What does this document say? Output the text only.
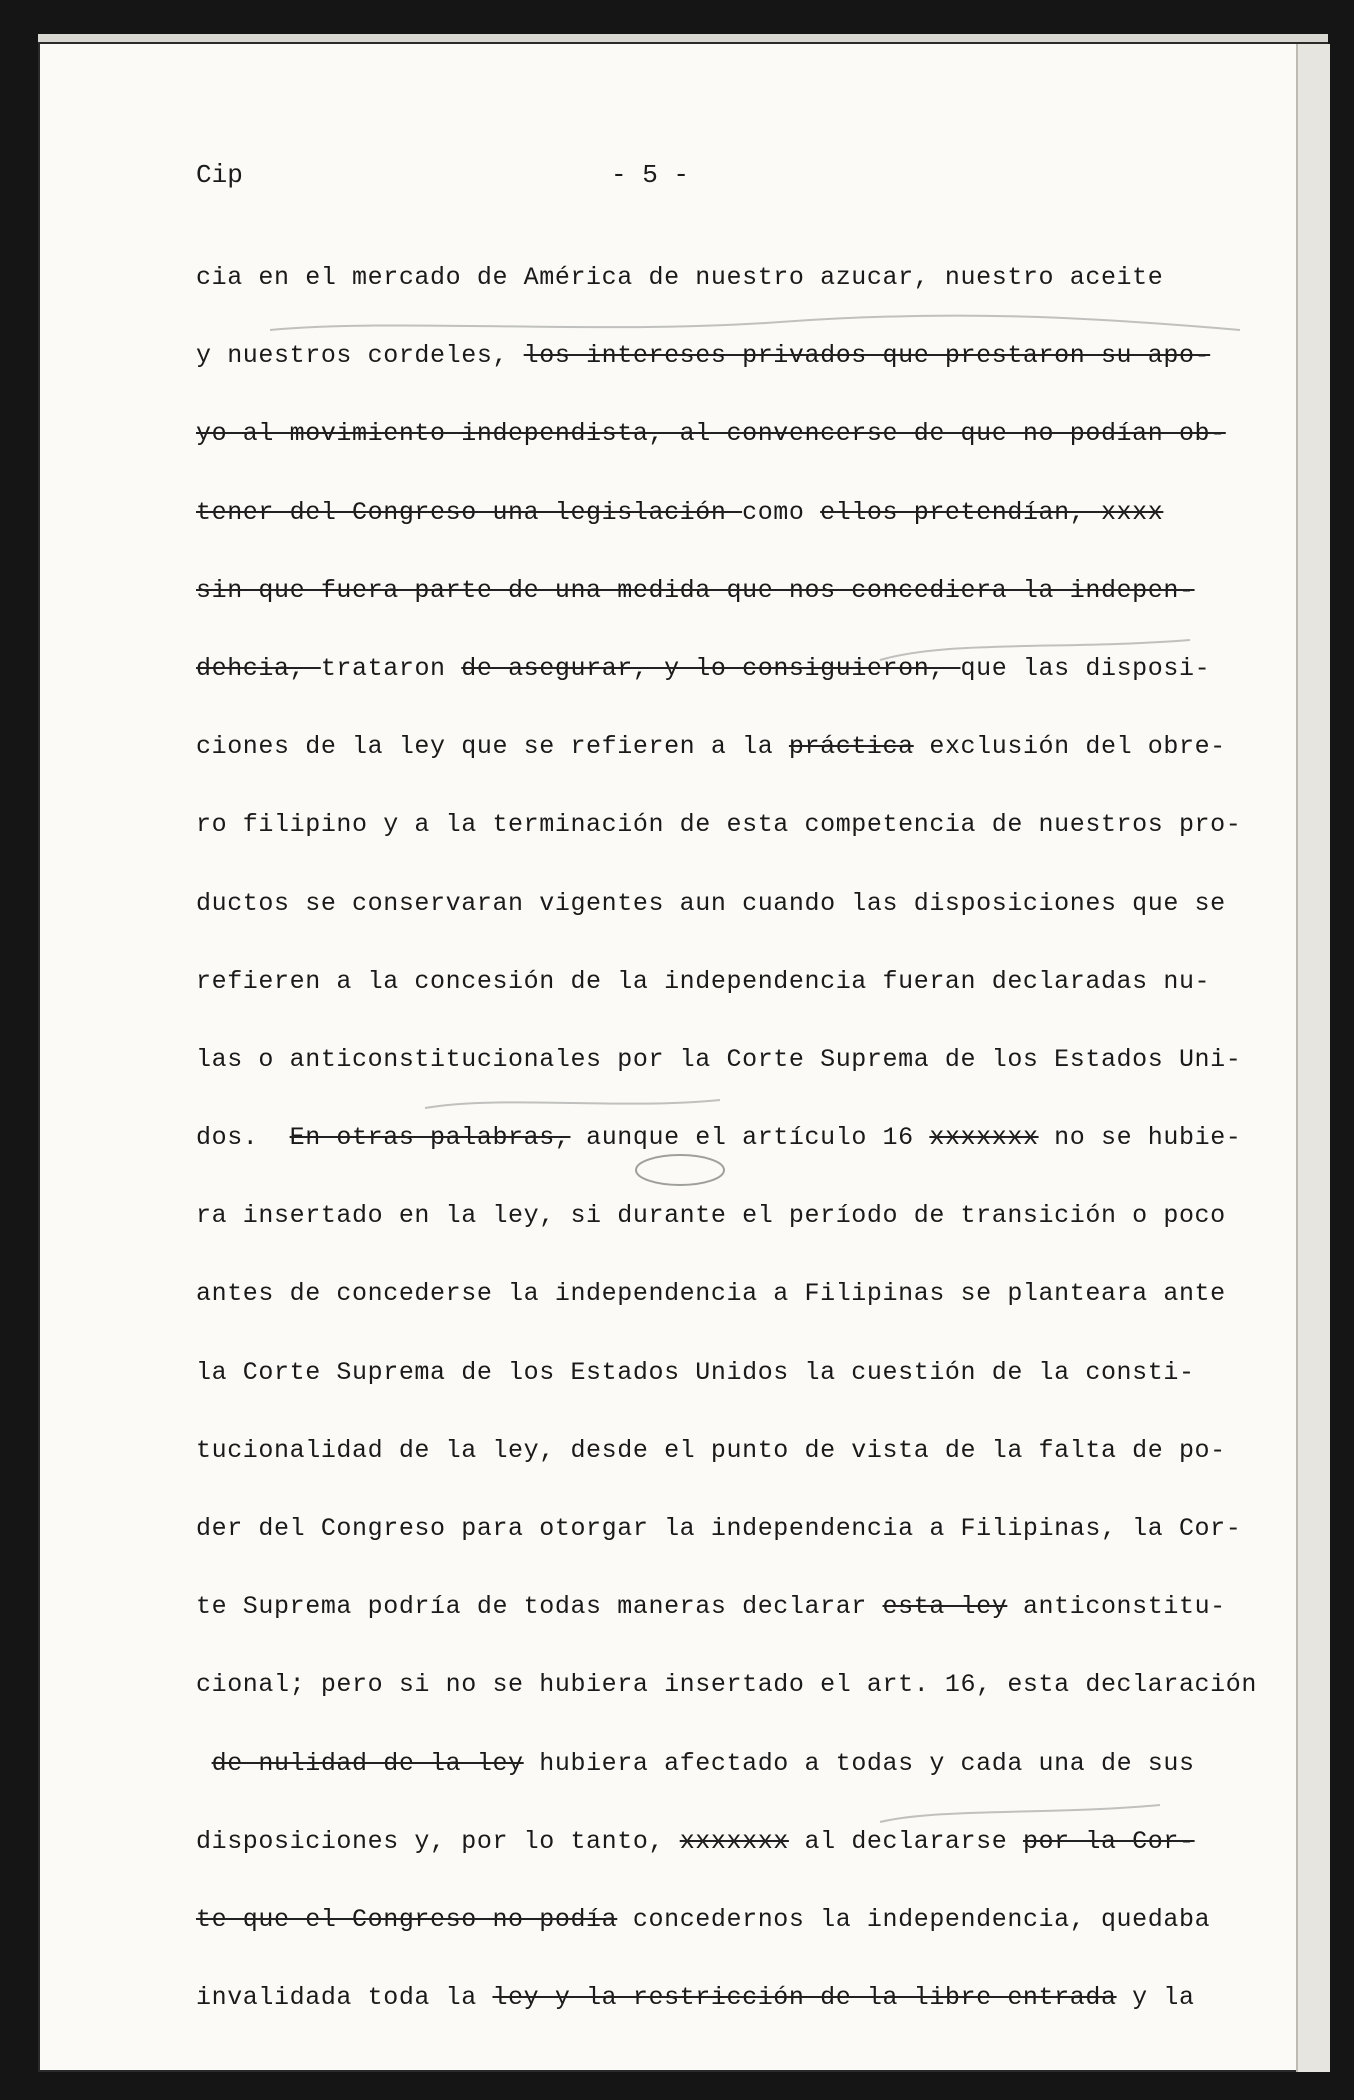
Cip	- 5 -
cia en el mercado de América de nuestro azucar, nuestro aceite
y nuestros cordeles, los intereses privados que prestaron su apo-
yo al movimiento independista, al convencerse de que no podían ob-
tener del Congreso una legislación como ellos pretendían, xxxx
sin que fuera parte de una medida que nos concediera la indepen-
dehcia, trataron de asegurar, y lo consiguieron, que las disposi-
ciones de la ley que se refieren a la práctica exclusión del obre-
ro filipino y a la terminación de esta competencia de nuestros pro-
ductos se conservaran vigentes aun cuando las disposiciones que se
refieren a la concesión de la independencia fueran declaradas nu-
las o anticonstitucionales por la Corte Suprema de los Estados Uni-
dos.  En otras palabras, aunque el artículo 16 xxxxxxx no se hubie-
ra insertado en la ley, si durante el período de transición o poco
antes de concederse la independencia a Filipinas se planteara ante
la Corte Suprema de los Estados Unidos la cuestión de la consti-
tucionalidad de la ley, desde el punto de vista de la falta de po-
der del Congreso para otorgar la independencia a Filipinas, la Cor-
te Suprema podría de todas maneras declarar esta ley anticonstitu-
cional; pero si no se hubiera insertado el art. 16, esta declaración
de nulidad de la ley hubiera afectado a todas y cada una de sus
disposiciones y, por lo tanto, xxxxxxx al declararse por la Cor-
te que el Congreso no podía concedernos la independencia, quedaba
invalidada toda la ley y la restricción de la libre entrada y la
